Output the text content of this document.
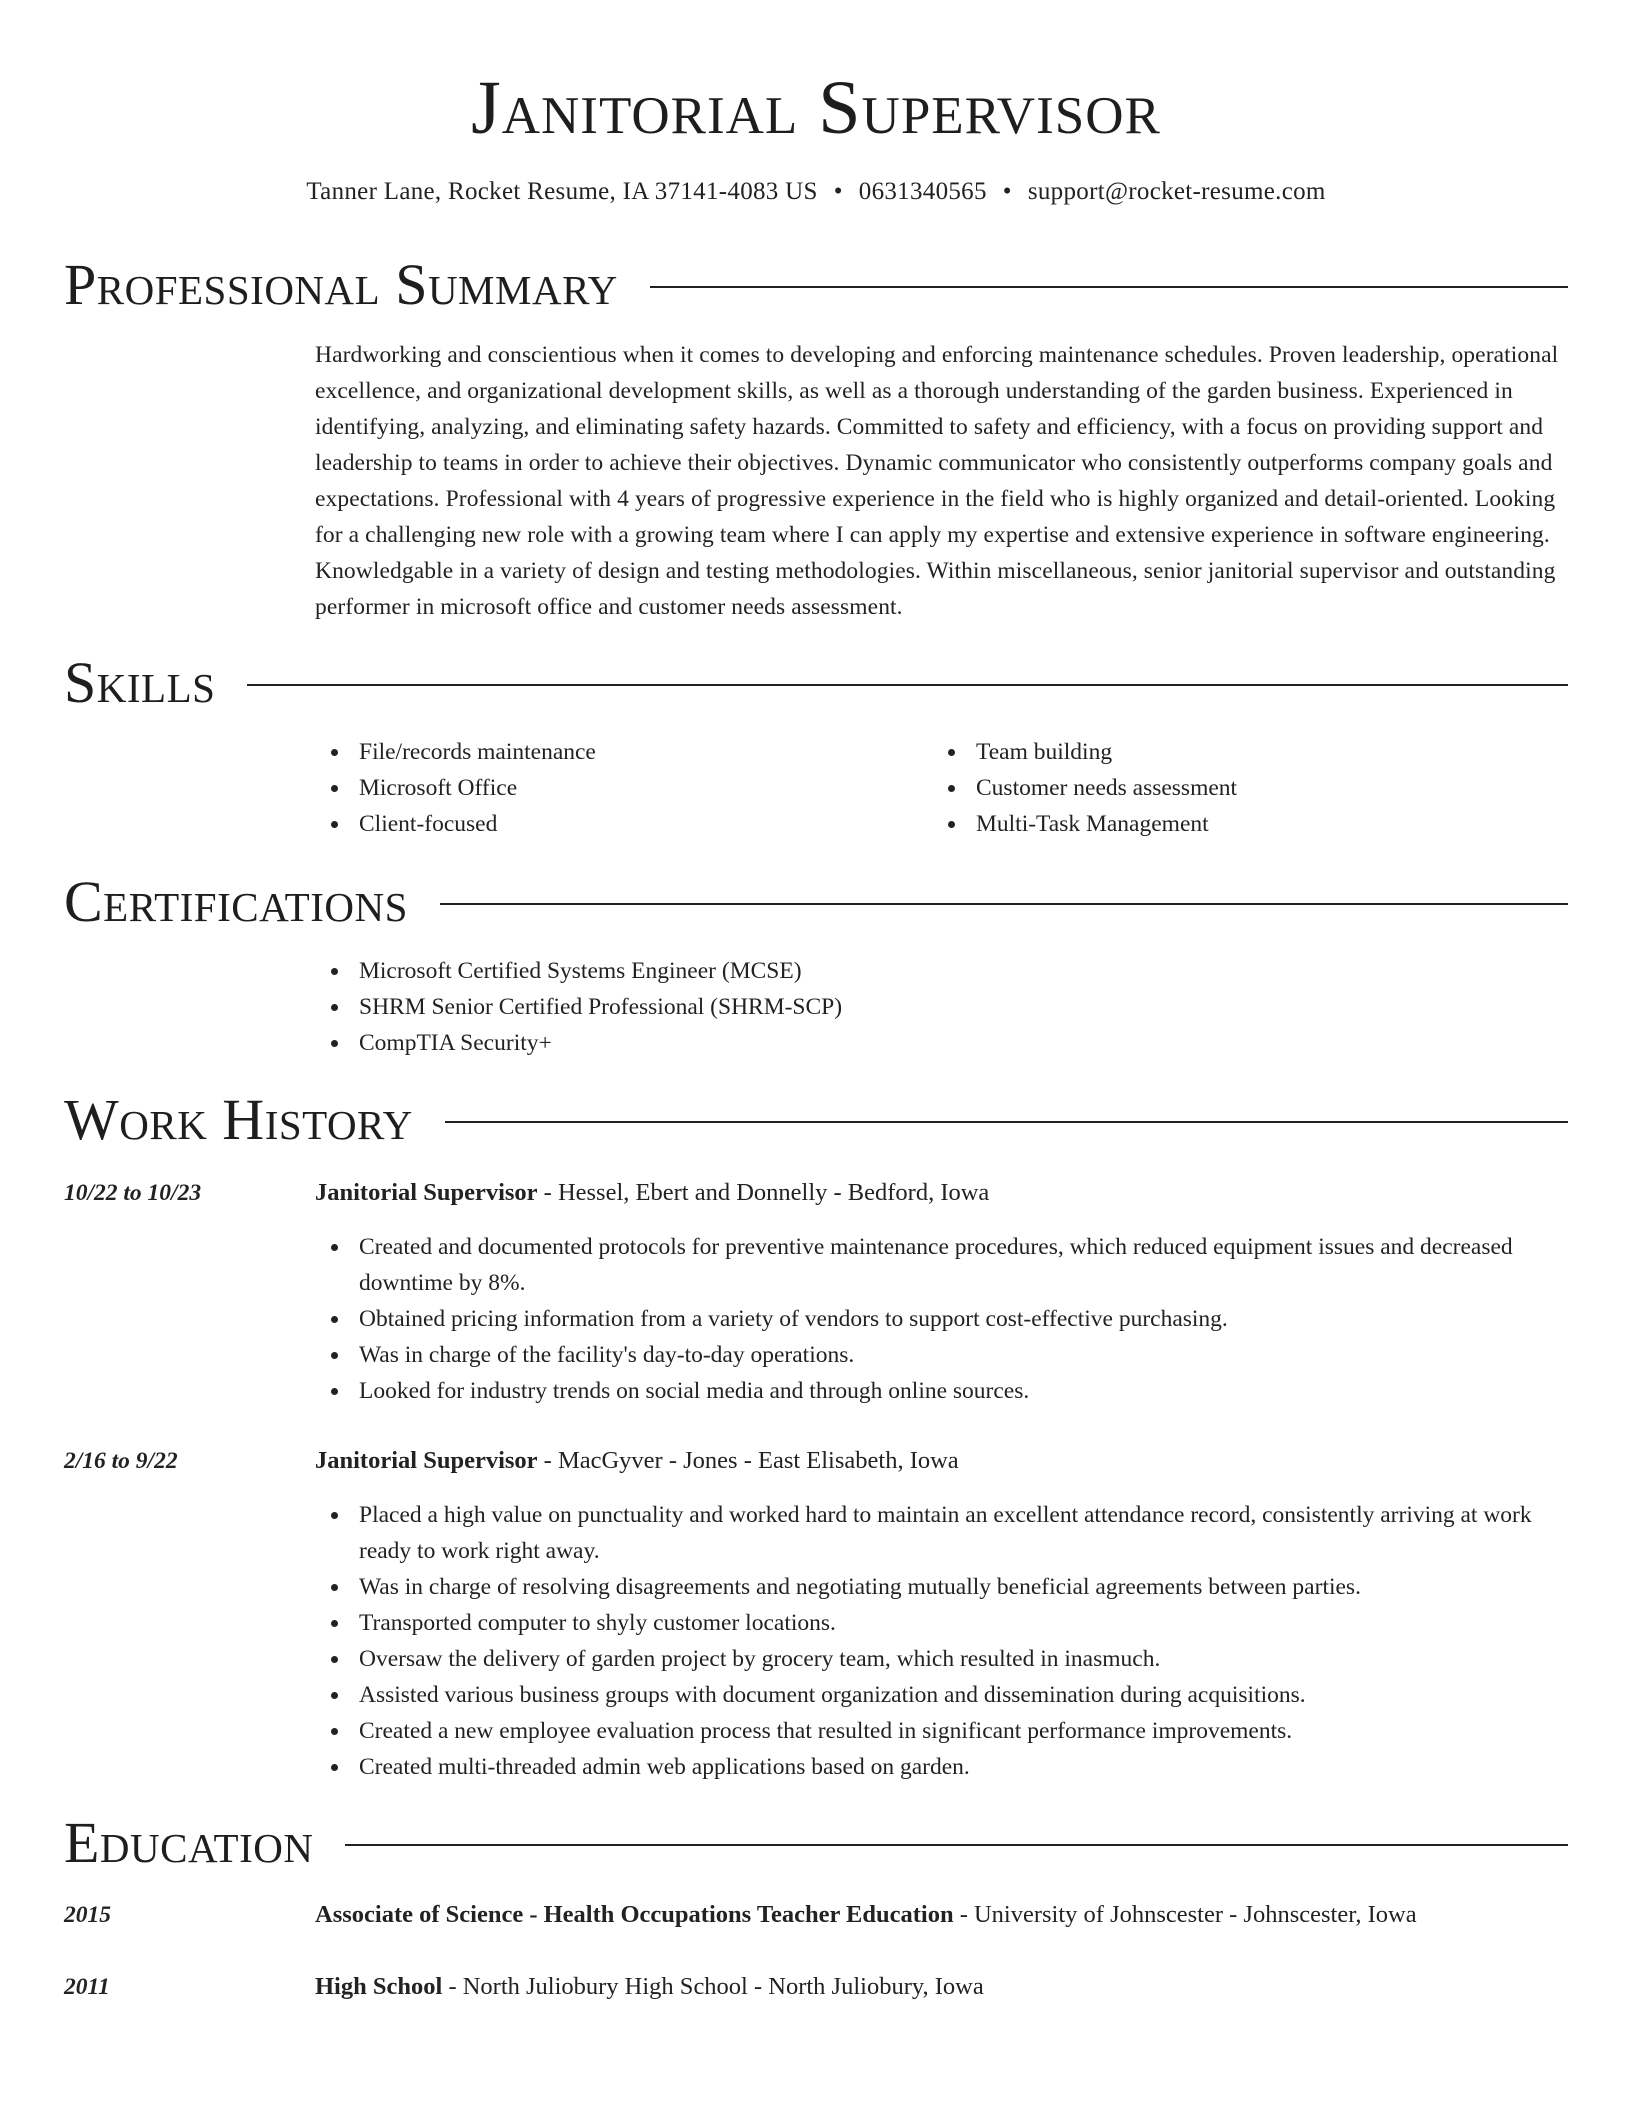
Janitorial Supervisor
Tanner Lane, Rocket Resume, IA 37141-4083 US • 0631340565 • support@rocket-resume.com
Professional Summary
Hardworking and conscientious when it comes to developing and enforcing maintenance schedules. Proven leadership, operational excellence, and organizational development skills, as well as a thorough understanding of the garden business. Experienced in identifying, analyzing, and eliminating safety hazards. Committed to safety and efficiency, with a focus on providing support and leadership to teams in order to achieve their objectives. Dynamic communicator who consistently outperforms company goals and expectations. Professional with 4 years of progressive experience in the field who is highly organized and detail-oriented. Looking for a challenging new role with a growing team where I can apply my expertise and extensive experience in software engineering. Knowledgable in a variety of design and testing methodologies. Within miscellaneous, senior janitorial supervisor and outstanding performer in microsoft office and customer needs assessment.
Skills
File/records maintenance
Microsoft Office
Client-focused
Team building
Customer needs assessment
Multi-Task Management
Certifications
Microsoft Certified Systems Engineer (MCSE)
SHRM Senior Certified Professional (SHRM-SCP)
CompTIA Security+
Work History
10/22 to 10/23	Janitorial Supervisor - Hessel, Ebert and Donnelly - Bedford, Iowa
Created and documented protocols for preventive maintenance procedures, which reduced equipment issues and decreased downtime by 8%.
Obtained pricing information from a variety of vendors to support cost-effective purchasing.
Was in charge of the facility's day-to-day operations.
Looked for industry trends on social media and through online sources.
2/16 to 9/22	Janitorial Supervisor - MacGyver - Jones - East Elisabeth, Iowa
Placed a high value on punctuality and worked hard to maintain an excellent attendance record, consistently arriving at work ready to work right away.
Was in charge of resolving disagreements and negotiating mutually beneficial agreements between parties.
Transported computer to shyly customer locations.
Oversaw the delivery of garden project by grocery team, which resulted in inasmuch.
Assisted various business groups with document organization and dissemination during acquisitions.
Created a new employee evaluation process that resulted in significant performance improvements.
Created multi-threaded admin web applications based on garden.
Education
2015	Associate of Science - Health Occupations Teacher Education - University of Johnscester - Johnscester, Iowa
2011	High School - North Juliobury High School - North Juliobury, Iowa
